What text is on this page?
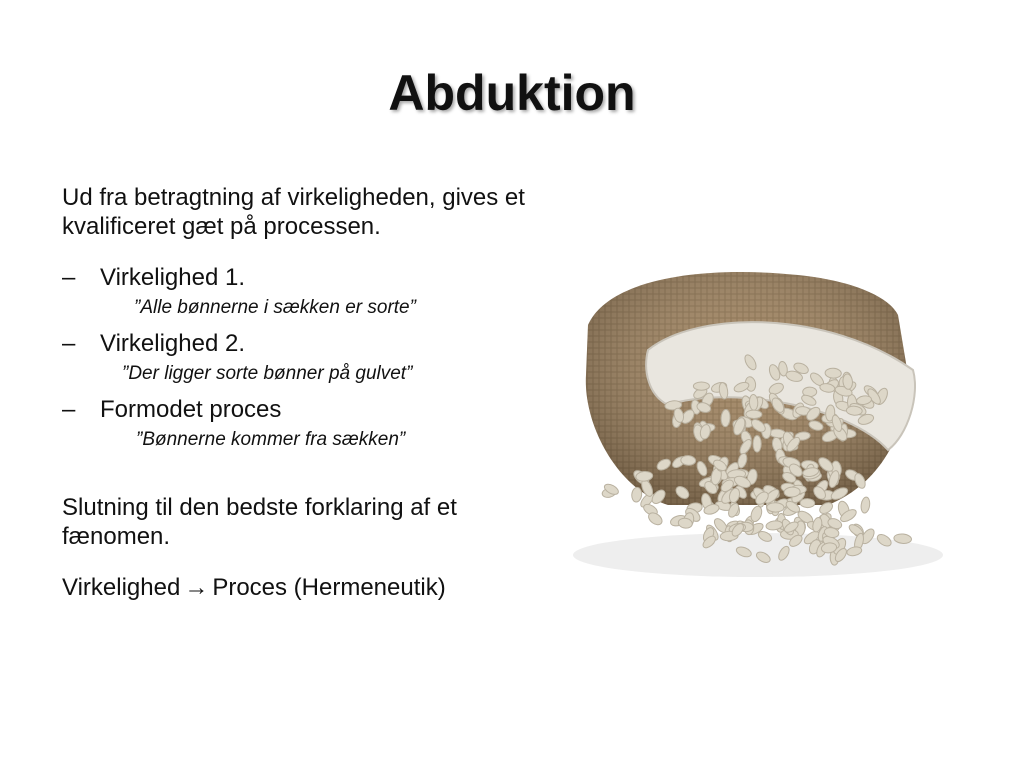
Abduktion

Ud fra betragtning af virkeligheden, gives et kvalificeret gæt på processen.

–	Virkelighed 1.
”Alle bønnerne i sækken er sorte”
–	Virkelighed 2.
”Der ligger sorte bønner på gulvet”
–	Formodet proces
”Bønnerne kommer fra sækken”

Slutning til den bedste forklaring af et fænomen.

Virkelighed → Proces (Hermeneutik)
